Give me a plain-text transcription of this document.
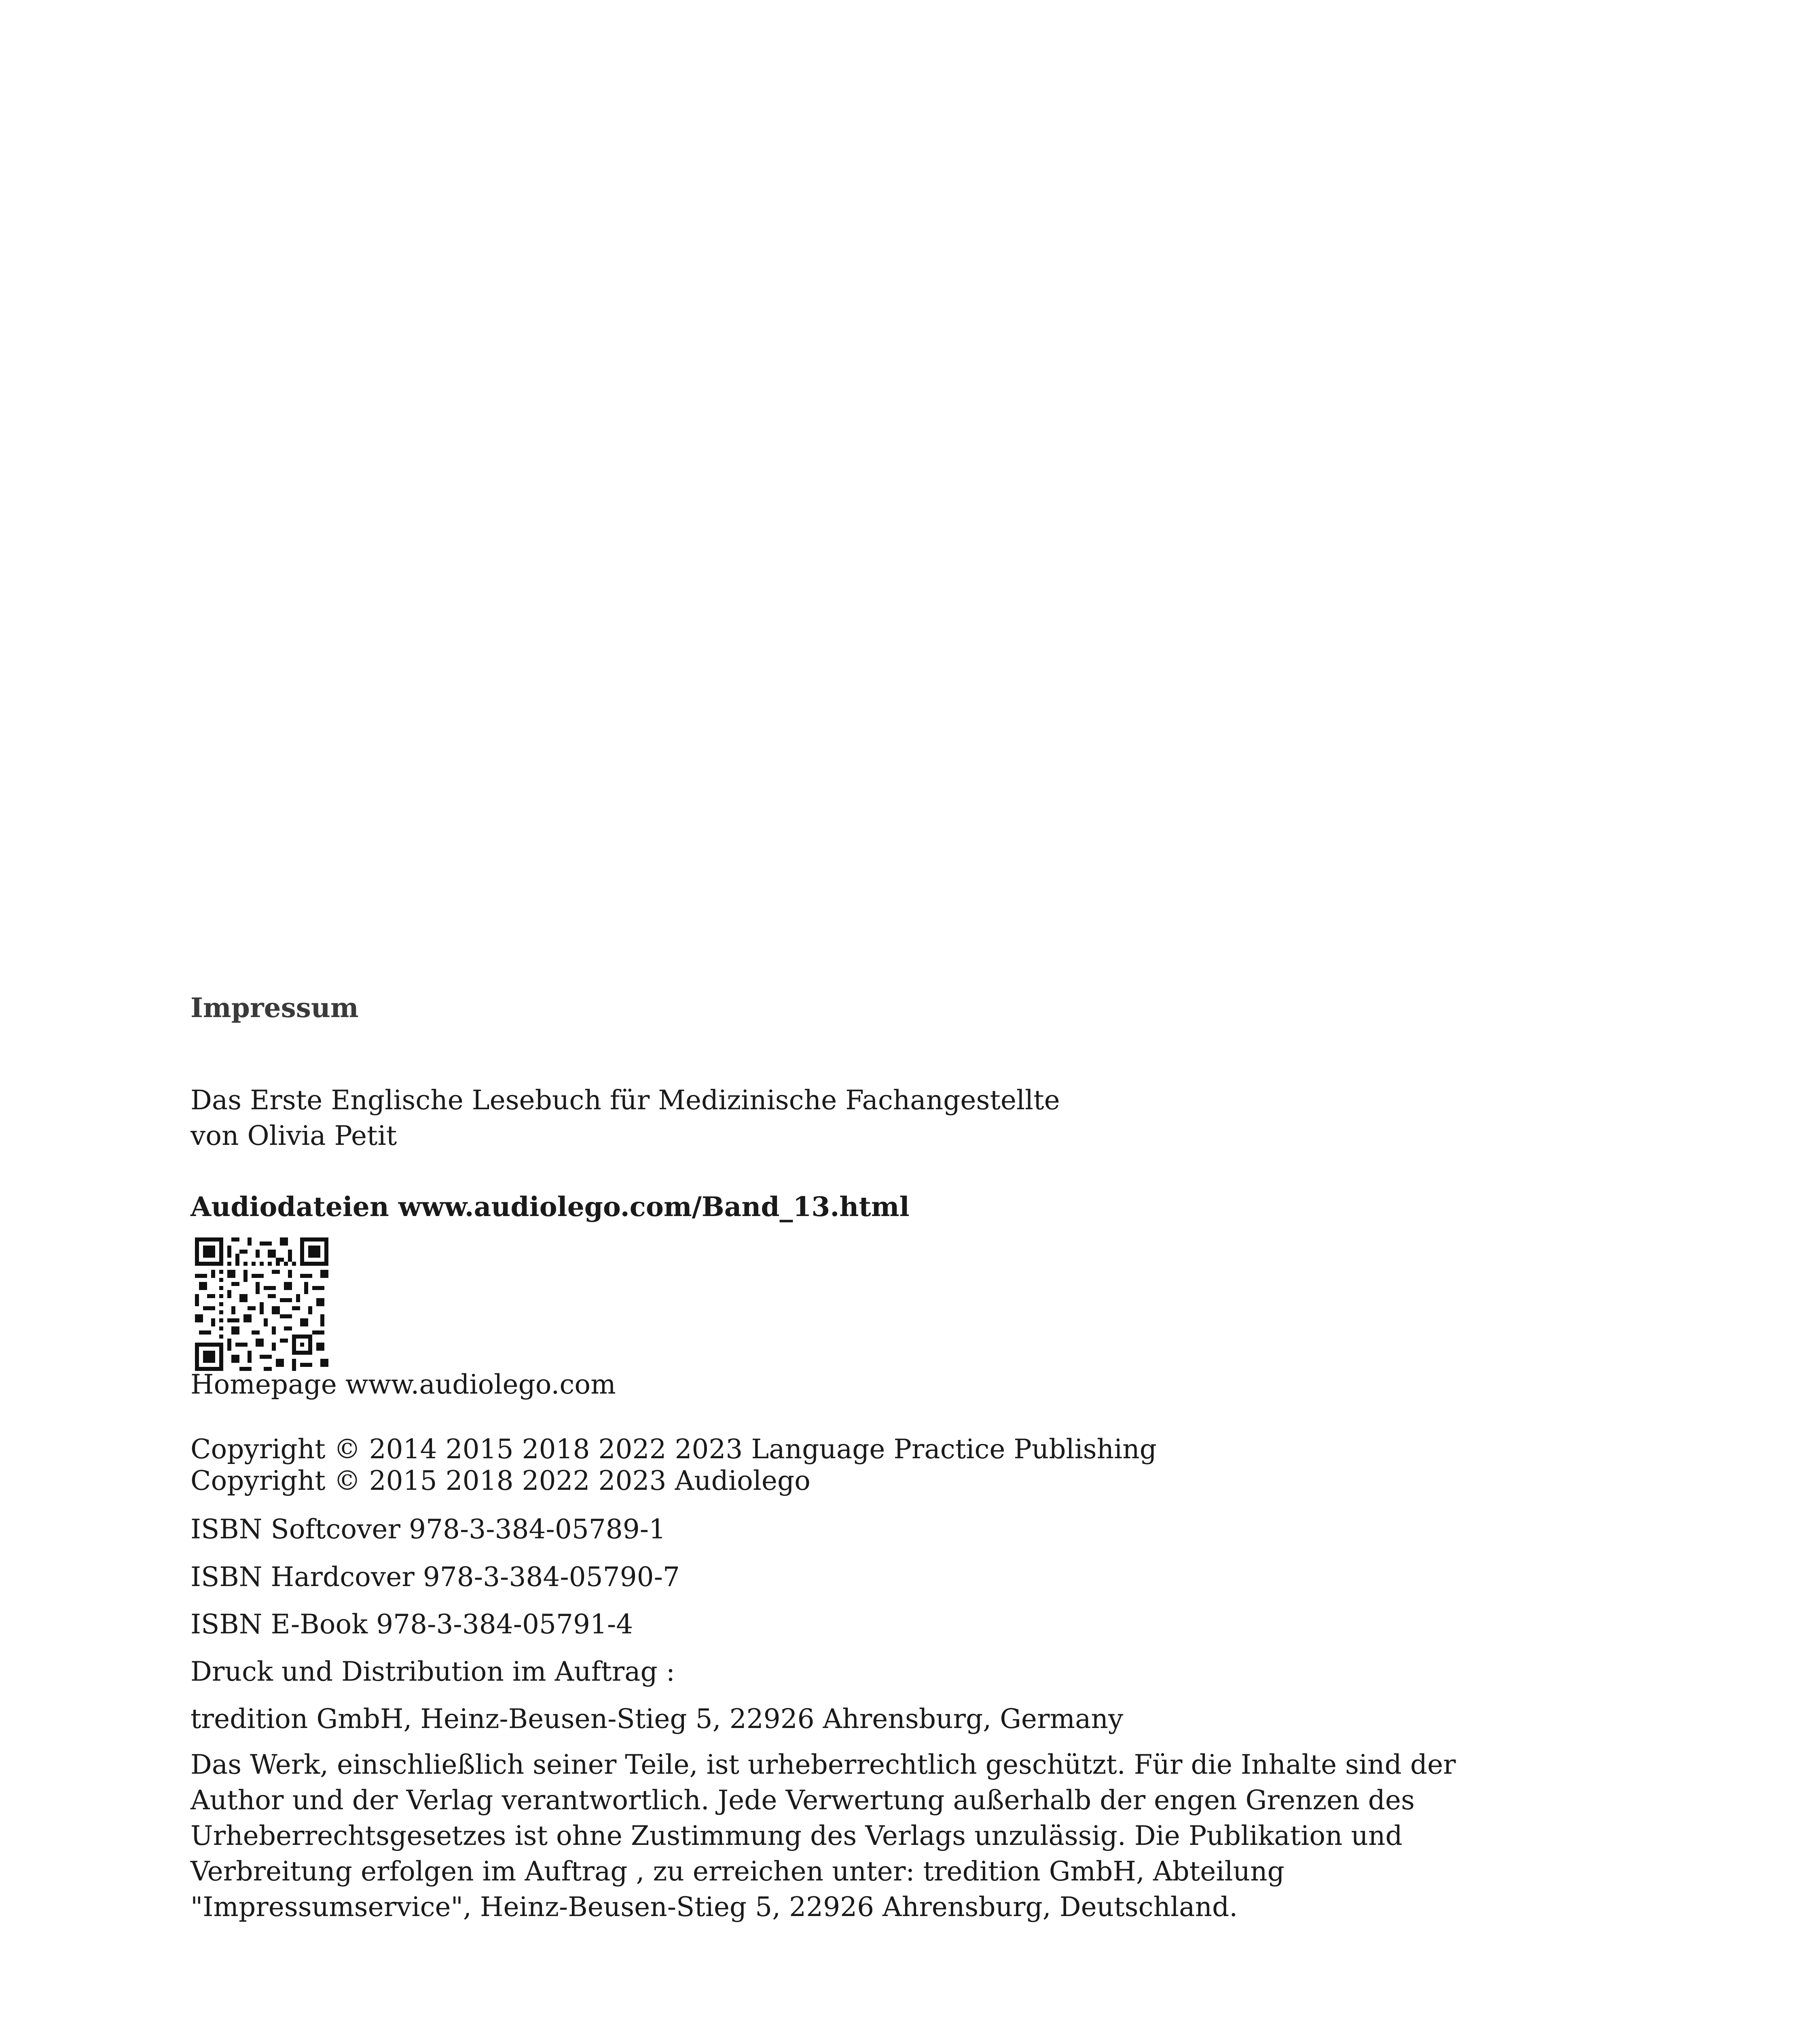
Impressum
Das Erste Englische Lesebuch für Medizinische Fachangestellte
von Olivia Petit
Audiodateien www.audiolego.com/Band_13.html
Homepage www.audiolego.com
Copyright © 2014 2015 2018 2022 2023 Language Practice Publishing
Copyright © 2015 2018 2022 2023 Audiolego
ISBN Softcover 978-3-384-05789-1
ISBN Hardcover 978-3-384-05790-7
ISBN E-Book 978-3-384-05791-4
Druck und Distribution im Auftrag :
tredition GmbH, Heinz-Beusen-Stieg 5, 22926 Ahrensburg, Germany
Das Werk, einschließlich seiner Teile, ist urheberrechtlich geschützt. Für die Inhalte sind der
Author und der Verlag verantwortlich. Jede Verwertung außerhalb der engen Grenzen des
Urheberrechtsgesetzes ist ohne Zustimmung des Verlags unzulässig. Die Publikation und
Verbreitung erfolgen im Auftrag , zu erreichen unter: tredition GmbH, Abteilung
"Impressumservice", Heinz-Beusen-Stieg 5, 22926 Ahrensburg, Deutschland.
